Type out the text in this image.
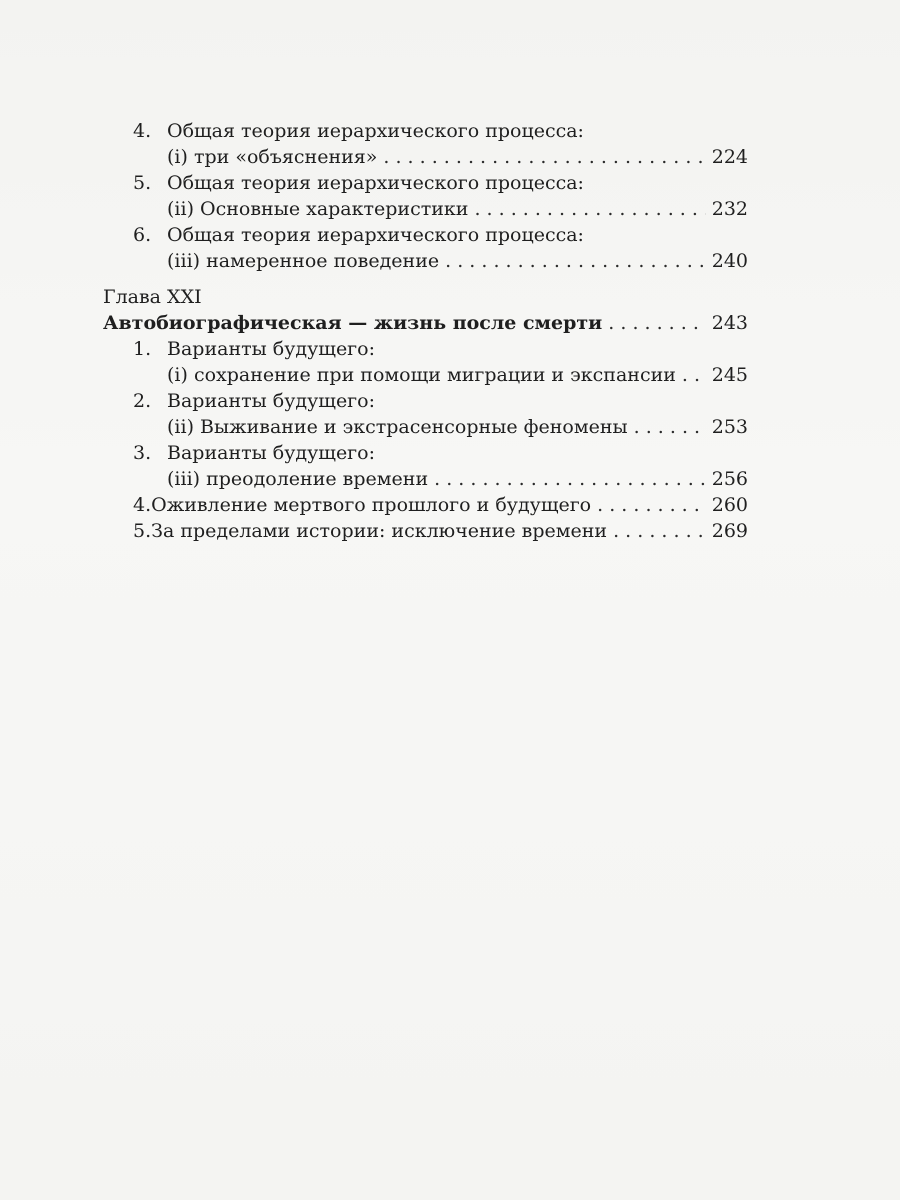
4. Общая теория иерархического процесса:
(i) три «объяснения» . . .	224
5. Общая теория иерархического процесса:
(ii) Основные характеристики . . .	232
6. Общая теория иерархического процесса:
(iii) намеренное поведение . . .	240
Глава XXI
Автобиографическая — жизнь после смерти . . .	243
1. Варианты будущего:
(i) сохранение при помощи миграции и экспансии . . . 245
2. Варианты будущего:
(ii) Выживание и экстрасенсорные феномены . . .	253
3. Варианты будущего:
(iii) преодоление времени . . .	256
4. Оживление мертвого прошлого и будущего . . .	260
5. За пределами истории: исключение времени . . .	269
